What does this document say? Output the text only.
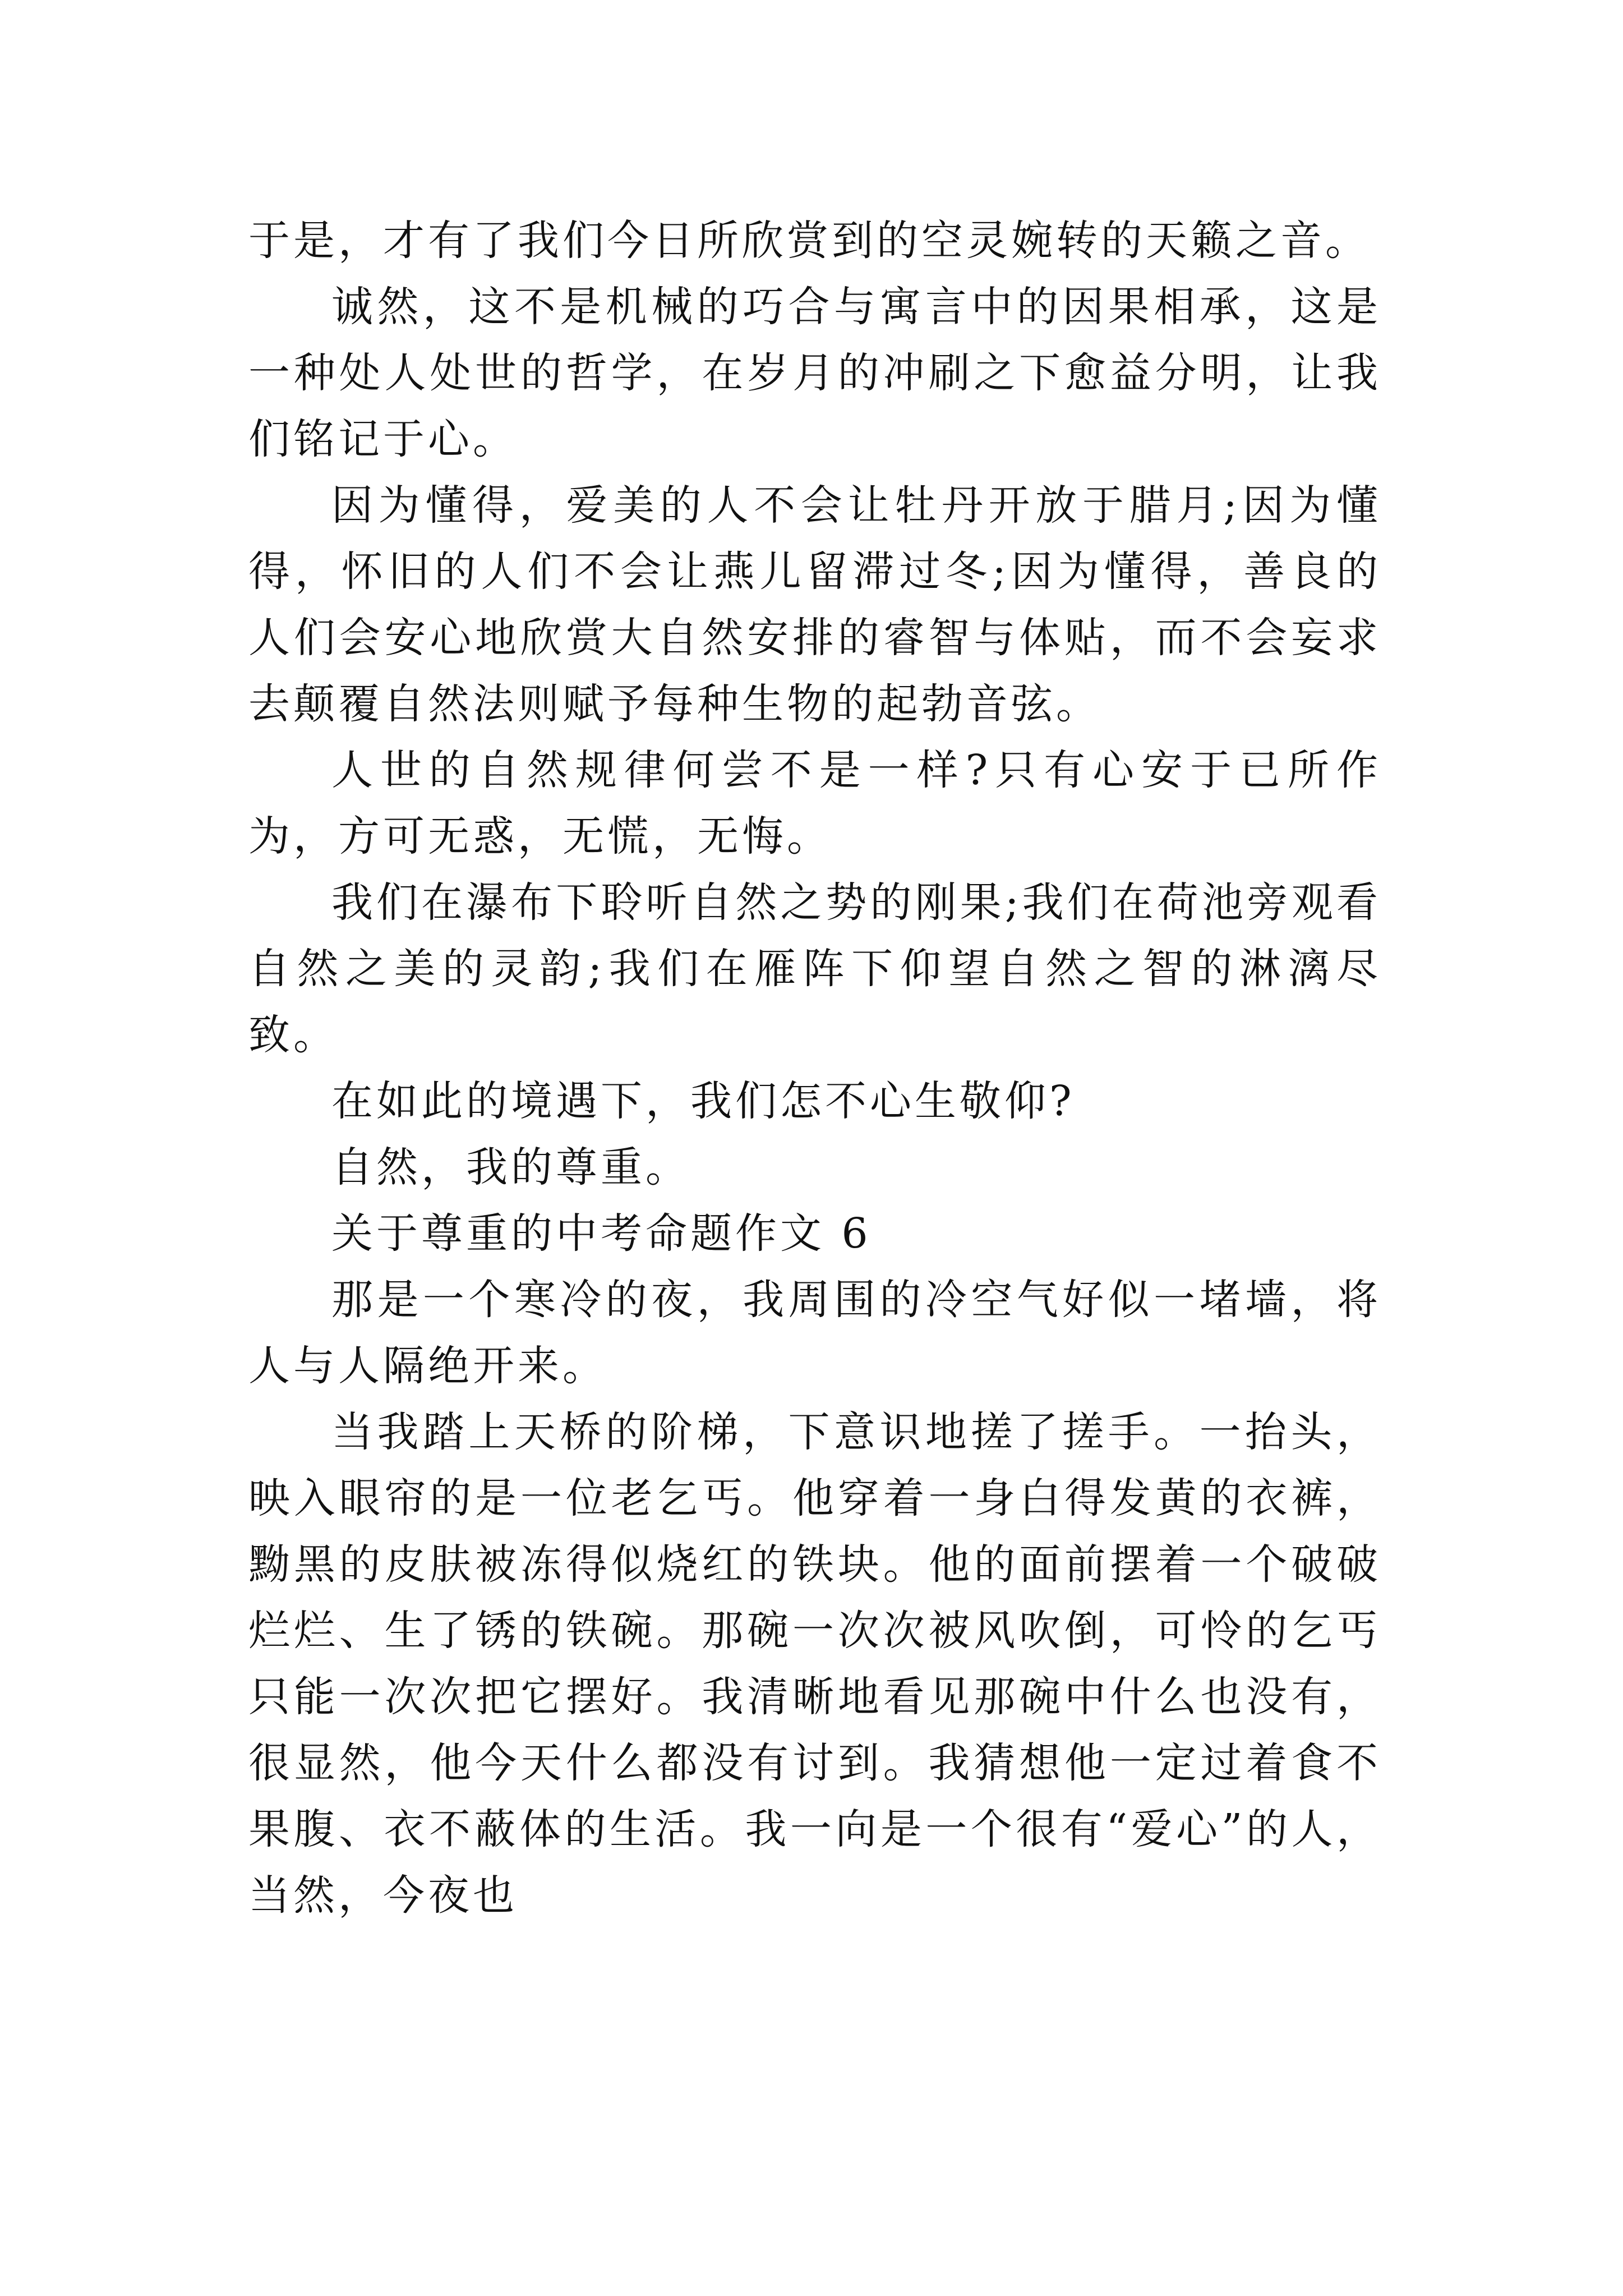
于是，才有了我们今日所欣赏到的空灵婉转的天籁之音。

诚然，这不是机械的巧合与寓言中的因果相承，这是一种处人处世的哲学，在岁月的冲刷之下愈益分明，让我们铭记于心。

因为懂得，爱美的人不会让牡丹开放于腊月;因为懂得，怀旧的人们不会让燕儿留滞过冬;因为懂得，善良的人们会安心地欣赏大自然安排的睿智与体贴，而不会妄求去颠覆自然法则赋予每种生物的起勃音弦。

人世的自然规律何尝不是一样?只有心安于已所作为，方可无惑，无慌，无悔。

我们在瀑布下聆听自然之势的刚果;我们在荷池旁观看自然之美的灵韵;我们在雁阵下仰望自然之智的淋漓尽致。

在如此的境遇下，我们怎不心生敬仰?

自然，我的尊重。

关于尊重的中考命题作文 6

那是一个寒冷的夜，我周围的冷空气好似一堵墙，将人与人隔绝开来。

当我踏上天桥的阶梯，下意识地搓了搓手。一抬头，映入眼帘的是一位老乞丐。他穿着一身白得发黄的衣裤，黝黑的皮肤被冻得似烧红的铁块。他的面前摆着一个破破烂烂、生了锈的铁碗。那碗一次次被风吹倒，可怜的乞丐只能一次次把它摆好。我清晰地看见那碗中什么也没有，很显然，他今天什么都没有讨到。我猜想他一定过着食不果腹、衣不蔽体的生活。我一向是一个很有“爱心”的人，当然，今夜也
